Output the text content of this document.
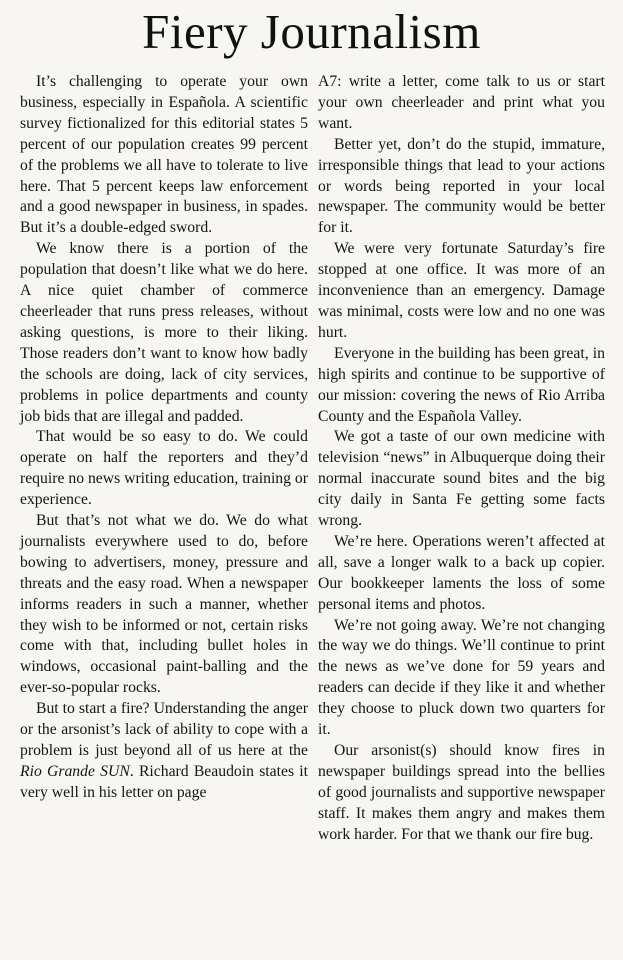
Fiery Journalism

It’s challenging to operate your own business, especially in Española. A scientific survey fictionalized for this editorial states 5 percent of our population creates 99 percent of the problems we all have to tolerate to live here. That 5 percent keeps law enforcement and a good newspaper in business, in spades. But it’s a double-edged sword.

We know there is a portion of the population that doesn’t like what we do here. A nice quiet chamber of commerce cheerleader that runs press releases, without asking questions, is more to their liking. Those readers don’t want to know how badly the schools are doing, lack of city services, problems in police departments and county job bids that are illegal and padded.

That would be so easy to do. We could operate on half the reporters and they’d require no news writing education, training or experience.

But that’s not what we do. We do what journalists everywhere used to do, before bowing to advertisers, money, pressure and threats and the easy road. When a newspaper informs readers in such a manner, whether they wish to be informed or not, certain risks come with that, including bullet holes in windows, occasional paint-balling and the ever-so-popular rocks.

But to start a fire? Understanding the anger or the arsonist’s lack of ability to cope with a problem is just beyond all of us here at the Rio Grande SUN. Richard Beaudoin states it very well in his letter on page

A7: write a letter, come talk to us or start your own cheerleader and print what you want.

Better yet, don’t do the stupid, immature, irresponsible things that lead to your actions or words being reported in your local newspaper. The community would be better for it.

We were very fortunate Saturday’s fire stopped at one office. It was more of an inconvenience than an emergency. Damage was minimal, costs were low and no one was hurt.

Everyone in the building has been great, in high spirits and continue to be supportive of our mission: covering the news of Rio Arriba County and the Española Valley.

We got a taste of our own medicine with television “news” in Albuquerque doing their normal inaccurate sound bites and the big city daily in Santa Fe getting some facts wrong.

We’re here. Operations weren’t affected at all, save a longer walk to a back up copier. Our bookkeeper laments the loss of some personal items and photos.

We’re not going away. We’re not changing the way we do things. We’ll continue to print the news as we’ve done for 59 years and readers can decide if they like it and whether they choose to pluck down two quarters for it.

Our arsonist(s) should know fires in newspaper buildings spread into the bellies of good journalists and supportive newspaper staff. It makes them angry and makes them work harder. For that we thank our fire bug.
